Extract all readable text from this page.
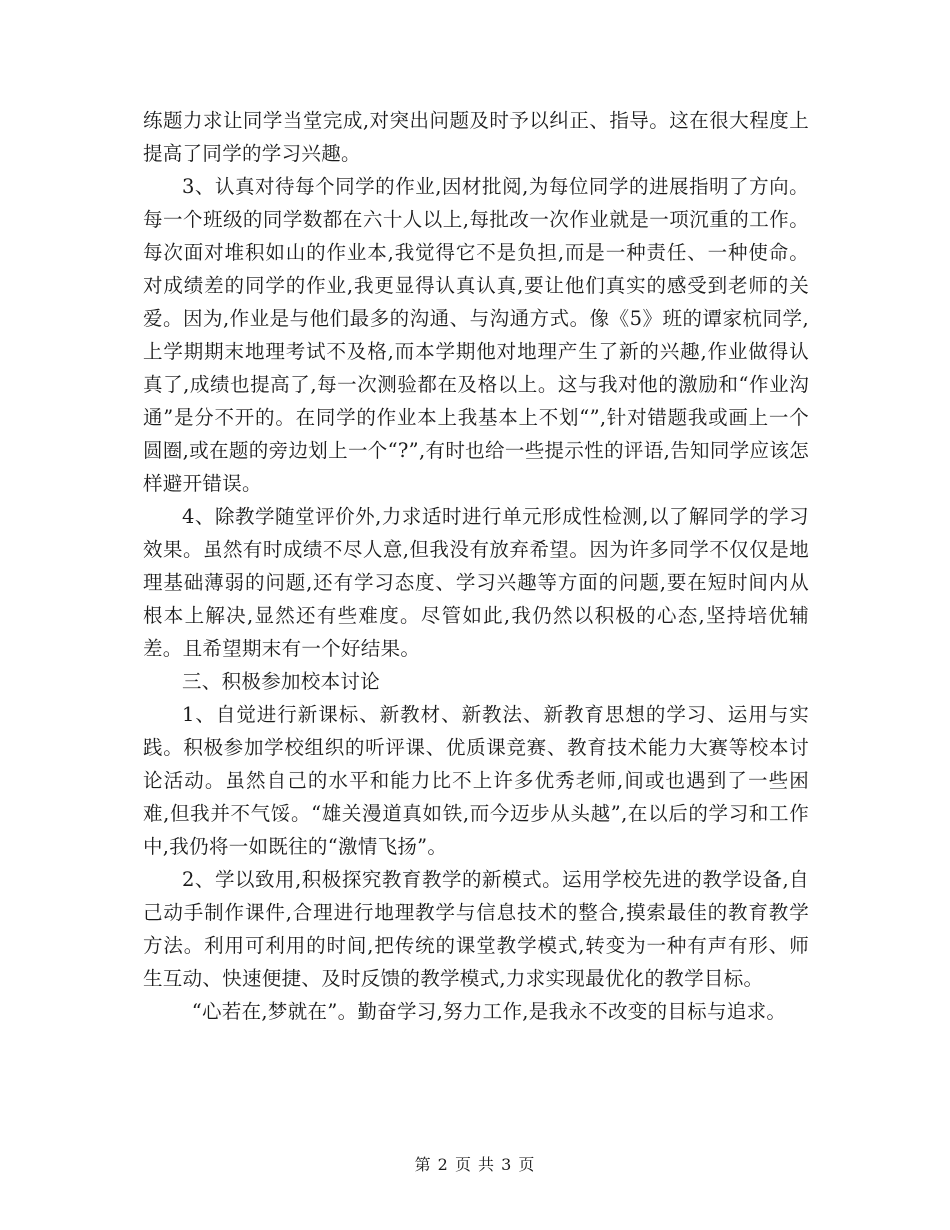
练题力求让同学当堂完成,对突出问题及时予以纠正、指导。这在很大程度上提高了同学的学习兴趣。

3、认真对待每个同学的作业,因材批阅,为每位同学的进展指明了方向。每一个班级的同学数都在六十人以上,每批改一次作业就是一项沉重的工作。每次面对堆积如山的作业本,我觉得它不是负担,而是一种责任、一种使命。对成绩差的同学的作业,我更显得认真认真,要让他们真实的感受到老师的关爱。因为,作业是与他们最多的沟通、与沟通方式。像《5》班的谭家杭同学,上学期期末地理考试不及格,而本学期他对地理产生了新的兴趣,作业做得认真了,成绩也提高了,每一次测验都在及格以上。这与我对他的激励和“作业沟通”是分不开的。在同学的作业本上我基本上不划“”,针对错题我或画上一个圆圈,或在题的旁边划上一个“?”,有时也给一些提示性的评语,告知同学应该怎样避开错误。

4、除教学随堂评价外,力求适时进行单元形成性检测,以了解同学的学习效果。虽然有时成绩不尽人意,但我没有放弃希望。因为许多同学不仅仅是地理基础薄弱的问题,还有学习态度、学习兴趣等方面的问题,要在短时间内从根本上解决,显然还有些难度。尽管如此,我仍然以积极的心态,坚持培优辅差。且希望期末有一个好结果。

三、积极参加校本讨论

1、自觉进行新课标、新教材、新教法、新教育思想的学习、运用与实践。积极参加学校组织的听评课、优质课竞赛、教育技术能力大赛等校本讨论活动。虽然自己的水平和能力比不上许多优秀老师,间或也遇到了一些困难,但我并不气馁。“雄关漫道真如铁,而今迈步从头越”,在以后的学习和工作中,我仍将一如既往的“激情飞扬”。

2、学以致用,积极探究教育教学的新模式。运用学校先进的教学设备,自己动手制作课件,合理进行地理教学与信息技术的整合,摸索最佳的教育教学方法。利用可利用的时间,把传统的课堂教学模式,转变为一种有声有形、师生互动、快速便捷、及时反馈的教学模式,力求实现最优化的教学目标。

“心若在,梦就在”。勤奋学习,努力工作,是我永不改变的目标与追求。

第 2 页 共 3 页
